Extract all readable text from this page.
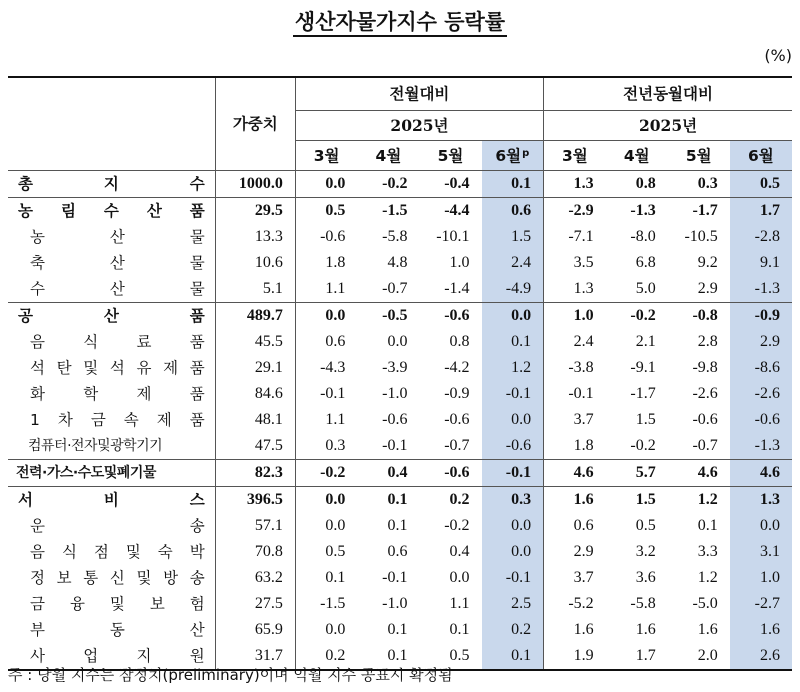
생산자물가지수 등락률
(%)
	가중치	전월대비				전년동월대비			
		2025년				2025년			
		3월	4월	5월	6월$^p$	3월	4월	5월	6월
총 지 수	1000.0	0.0	-0.2	-0.4	0.1	1.3	0.8	0.3	0.5
농 림 수 산 품	29.5	0.5	-1.5	-4.4	0.6	-2.9	-1.3	-1.7	1.7
농 산 물	13.3	-0.6	-5.8	-10.1	1.5	-7.1	-8.0	-10.5	-2.8
축 산 물	10.6	1.8	4.8	1.0	2.4	3.5	6.8	9.2	9.1
수 산 물	5.1	1.1	-0.7	-1.4	-4.9	1.3	5.0	2.9	-1.3
공 산 품	489.7	0.0	-0.5	-0.6	0.0	1.0	-0.2	-0.8	-0.9
음 식 료 품	45.5	0.6	0.0	0.8	0.1	2.4	2.1	2.8	2.9
석 탄 및 석 유 제 품	29.1	-4.3	-3.9	-4.2	1.2	-3.8	-9.1	-9.8	-8.6
화 학 제 품	84.6	-0.1	-1.0	-0.9	-0.1	-0.1	-1.7	-2.6	-2.6
1 차 금 속 제 품	48.1	1.1	-0.6	-0.6	0.0	3.7	1.5	-0.6	-0.6
컴퓨터·전자및광학기기	47.5	0.3	-0.1	-0.7	-0.6	1.8	-0.2	-0.7	-1.3
전력·가스·수도및폐기물	82.3	-0.2	0.4	-0.6	-0.1	4.6	5.7	4.6	4.6
서 비 스	396.5	0.0	0.1	0.2	0.3	1.6	1.5	1.2	1.3
운 송	57.1	0.0	0.1	-0.2	0.0	0.6	0.5	0.1	0.0
음 식 점 및 숙 박	70.8	0.5	0.6	0.4	0.0	2.9	3.2	3.3	3.1
정 보 통 신 및 방 송	63.2	0.1	-0.1	0.0	-0.1	3.7	3.6	1.2	1.0
금 융 및 보 험	27.5	-1.5	-1.0	1.1	2.5	-5.2	-5.8	-5.0	-2.7
부 동 산	65.9	0.0	0.1	0.1	0.2	1.6	1.6	1.6	1.6
사 업 지 원	31.7	0.2	0.1	0.5	0.1	1.9	1.7	2.0	2.6
주 : 당월 지수는 잠정치(preliminary)이며 익월 지수 공표시 확정됨
